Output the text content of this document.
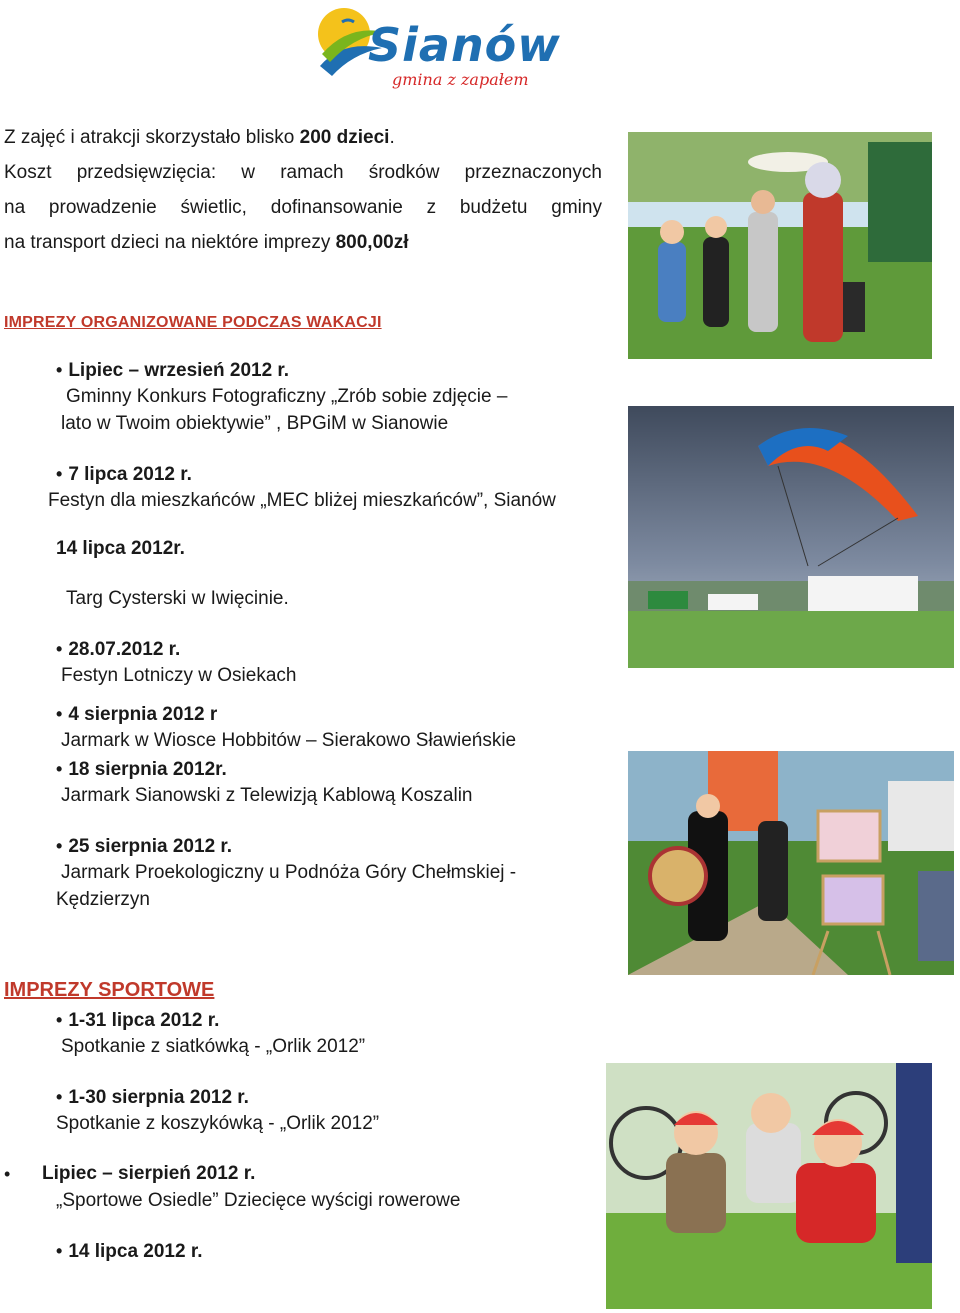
Sianów
gmina z zapałem
Z zajęć i atrakcji skorzystało blisko 200 dzieci.
Koszt przedsięwzięcia: w ramach środków przeznaczonych
na prowadzenie świetlic, dofinansowanie z budżetu gminy
na transport dzieci na niektóre imprezy 800,00zł
IMPREZY ORGANIZOWANE PODCZAS WAKACJI
• Lipiec – wrzesień 2012 r.
Gminny Konkurs Fotograficzny „Zrób sobie zdjęcie –
lato w Twoim obiektywie” , BPGiM w Sianowie
• 7 lipca 2012 r.
Festyn dla mieszkańców „MEC bliżej mieszkańców”, Sianów
14 lipca 2012r.
Targ Cysterski w Iwięcinie.
• 28.07.2012 r.
Festyn Lotniczy w Osiekach
• 4 sierpnia 2012 r
Jarmark w Wiosce Hobbitów – Sierakowo Sławieńskie
• 18 sierpnia 2012r.
Jarmark Sianowski z Telewizją Kablową Koszalin
• 25 sierpnia 2012 r.
Jarmark Proekologiczny u Podnóża Góry Chełmskiej -
Kędzierzyn
IMPREZY SPORTOWE
• 1-31 lipca 2012 r.
Spotkanie z siatkówką - „Orlik 2012”
• 1-30 sierpnia 2012 r.
Spotkanie z koszykówką - „Orlik 2012”
• Lipiec – sierpień 2012 r.
„Sportowe Osiedle” Dziecięce wyścigi rowerowe
• 14 lipca 2012 r.
